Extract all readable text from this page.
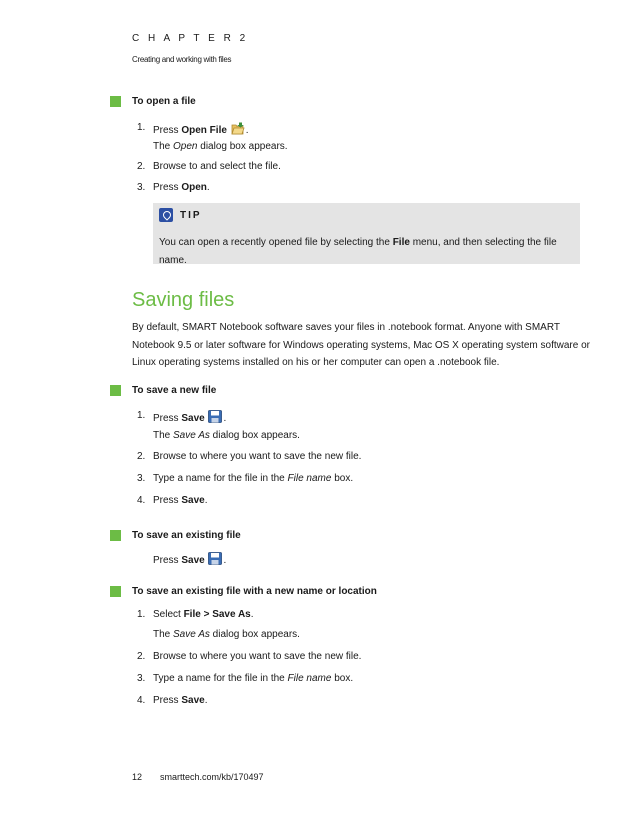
C H A P T E R 2
Creating and working with files
To open a file
1. Press Open File .
The Open dialog box appears.
2. Browse to and select the file.
3. Press Open.
TIP
You can open a recently opened file by selecting the File menu, and then selecting the file name.
Saving files
By default, SMART Notebook software saves your files in .notebook format. Anyone with SMART Notebook 9.5 or later software for Windows operating systems, Mac OS X operating system software or Linux operating systems installed on his or her computer can open a .notebook file.
To save a new file
1. Press Save .
The Save As dialog box appears.
2. Browse to where you want to save the new file.
3. Type a name for the file in the File name box.
4. Press Save.
To save an existing file
Press Save .
To save an existing file with a new name or location
1. Select File > Save As.
The Save As dialog box appears.
2. Browse to where you want to save the new file.
3. Type a name for the file in the File name box.
4. Press Save.
12 smarttech.com/kb/170497
